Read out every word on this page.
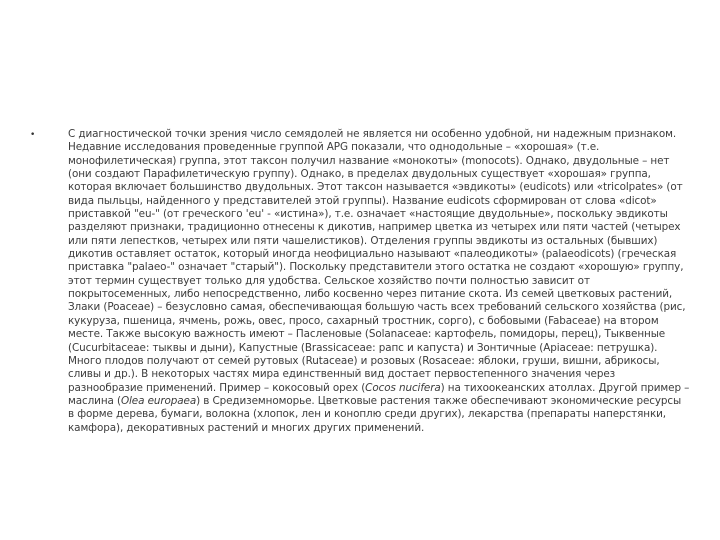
•	С диагностической точки зрения число семядолей не является ни особенно удобной, ни надежным признаком. Недавние исследования проведенные группой APG показали, что однодольные – «хорошая» (т.е. монофилетическая) группа, этот таксон получил название «монокоты» (monocots). Однако, двудольные – нет (они создают Парафилетическую группу). Однако, в пределах двудольных существует «хорошая» группа, которая включает большинство двудольных. Этот таксон называется «эвдикоты» (eudicots) или «tricolpates» (от вида пыльцы, найденного у представителей этой группы). Название eudicots сформирован от слова «dicot» приставкой "eu-" (от греческого 'eu' - «истина»), т.е. означает «настоящие двудольные», поскольку эвдикоты разделяют признаки, традиционно отнесены к дикотив, например цветка из четырех или пяти частей (четырех или пяти лепестков, четырех или пяти чашелистиков). Отделения группы эвдикоты из остальных (бывших) дикотив оставляет остаток, который иногда неофициально называют «палеодикоты» (palaeodicots) (греческая приставка "palaeo-" означает "старый"). Поскольку представители этого остатка не создают «хорошую» группу, этот термин существует только для удобства. Сельское хозяйство почти полностью зависит от покрытосеменных, либо непосредственно, либо косвенно через питание скота. Из семей цветковых растений, Злаки (Poaceae) – безусловно самая, обеспечивающая большую часть всех требований сельского хозяйства (рис, кукуруза, пшеница, ячмень, рожь, овес, просо, сахарный тростник, сорго), с бобовыми (Fabaceae) на втором месте. Также высокую важность имеют – Пасленовые (Solanaceae: картофель, помидоры, перец), Тыквенные (Cucurbitaceae: тыквы и дыни), Капустные (Brassicaceae: рапс и капуста) и Зонтичные (Apiaceae: петрушка). Много плодов получают от семей рутовых (Rutaceae) и розовых (Rosaceae: яблоки, груши, вишни, абрикосы, сливы и др.). В некоторых частях мира единственный вид достает первостепенного значения через разнообразие применений. Пример – кокосовый орех (Cocos nucifera) на тихоокеанских атоллах. Другой пример – маслина (Olea europaea) в Средиземноморье. Цветковые растения также обеспечивают экономические ресурсы в форме дерева, бумаги, волокна (хлопок, лен и коноплю среди других), лекарства (препараты наперстянки, камфора), декоративных растений и многих других применений.
